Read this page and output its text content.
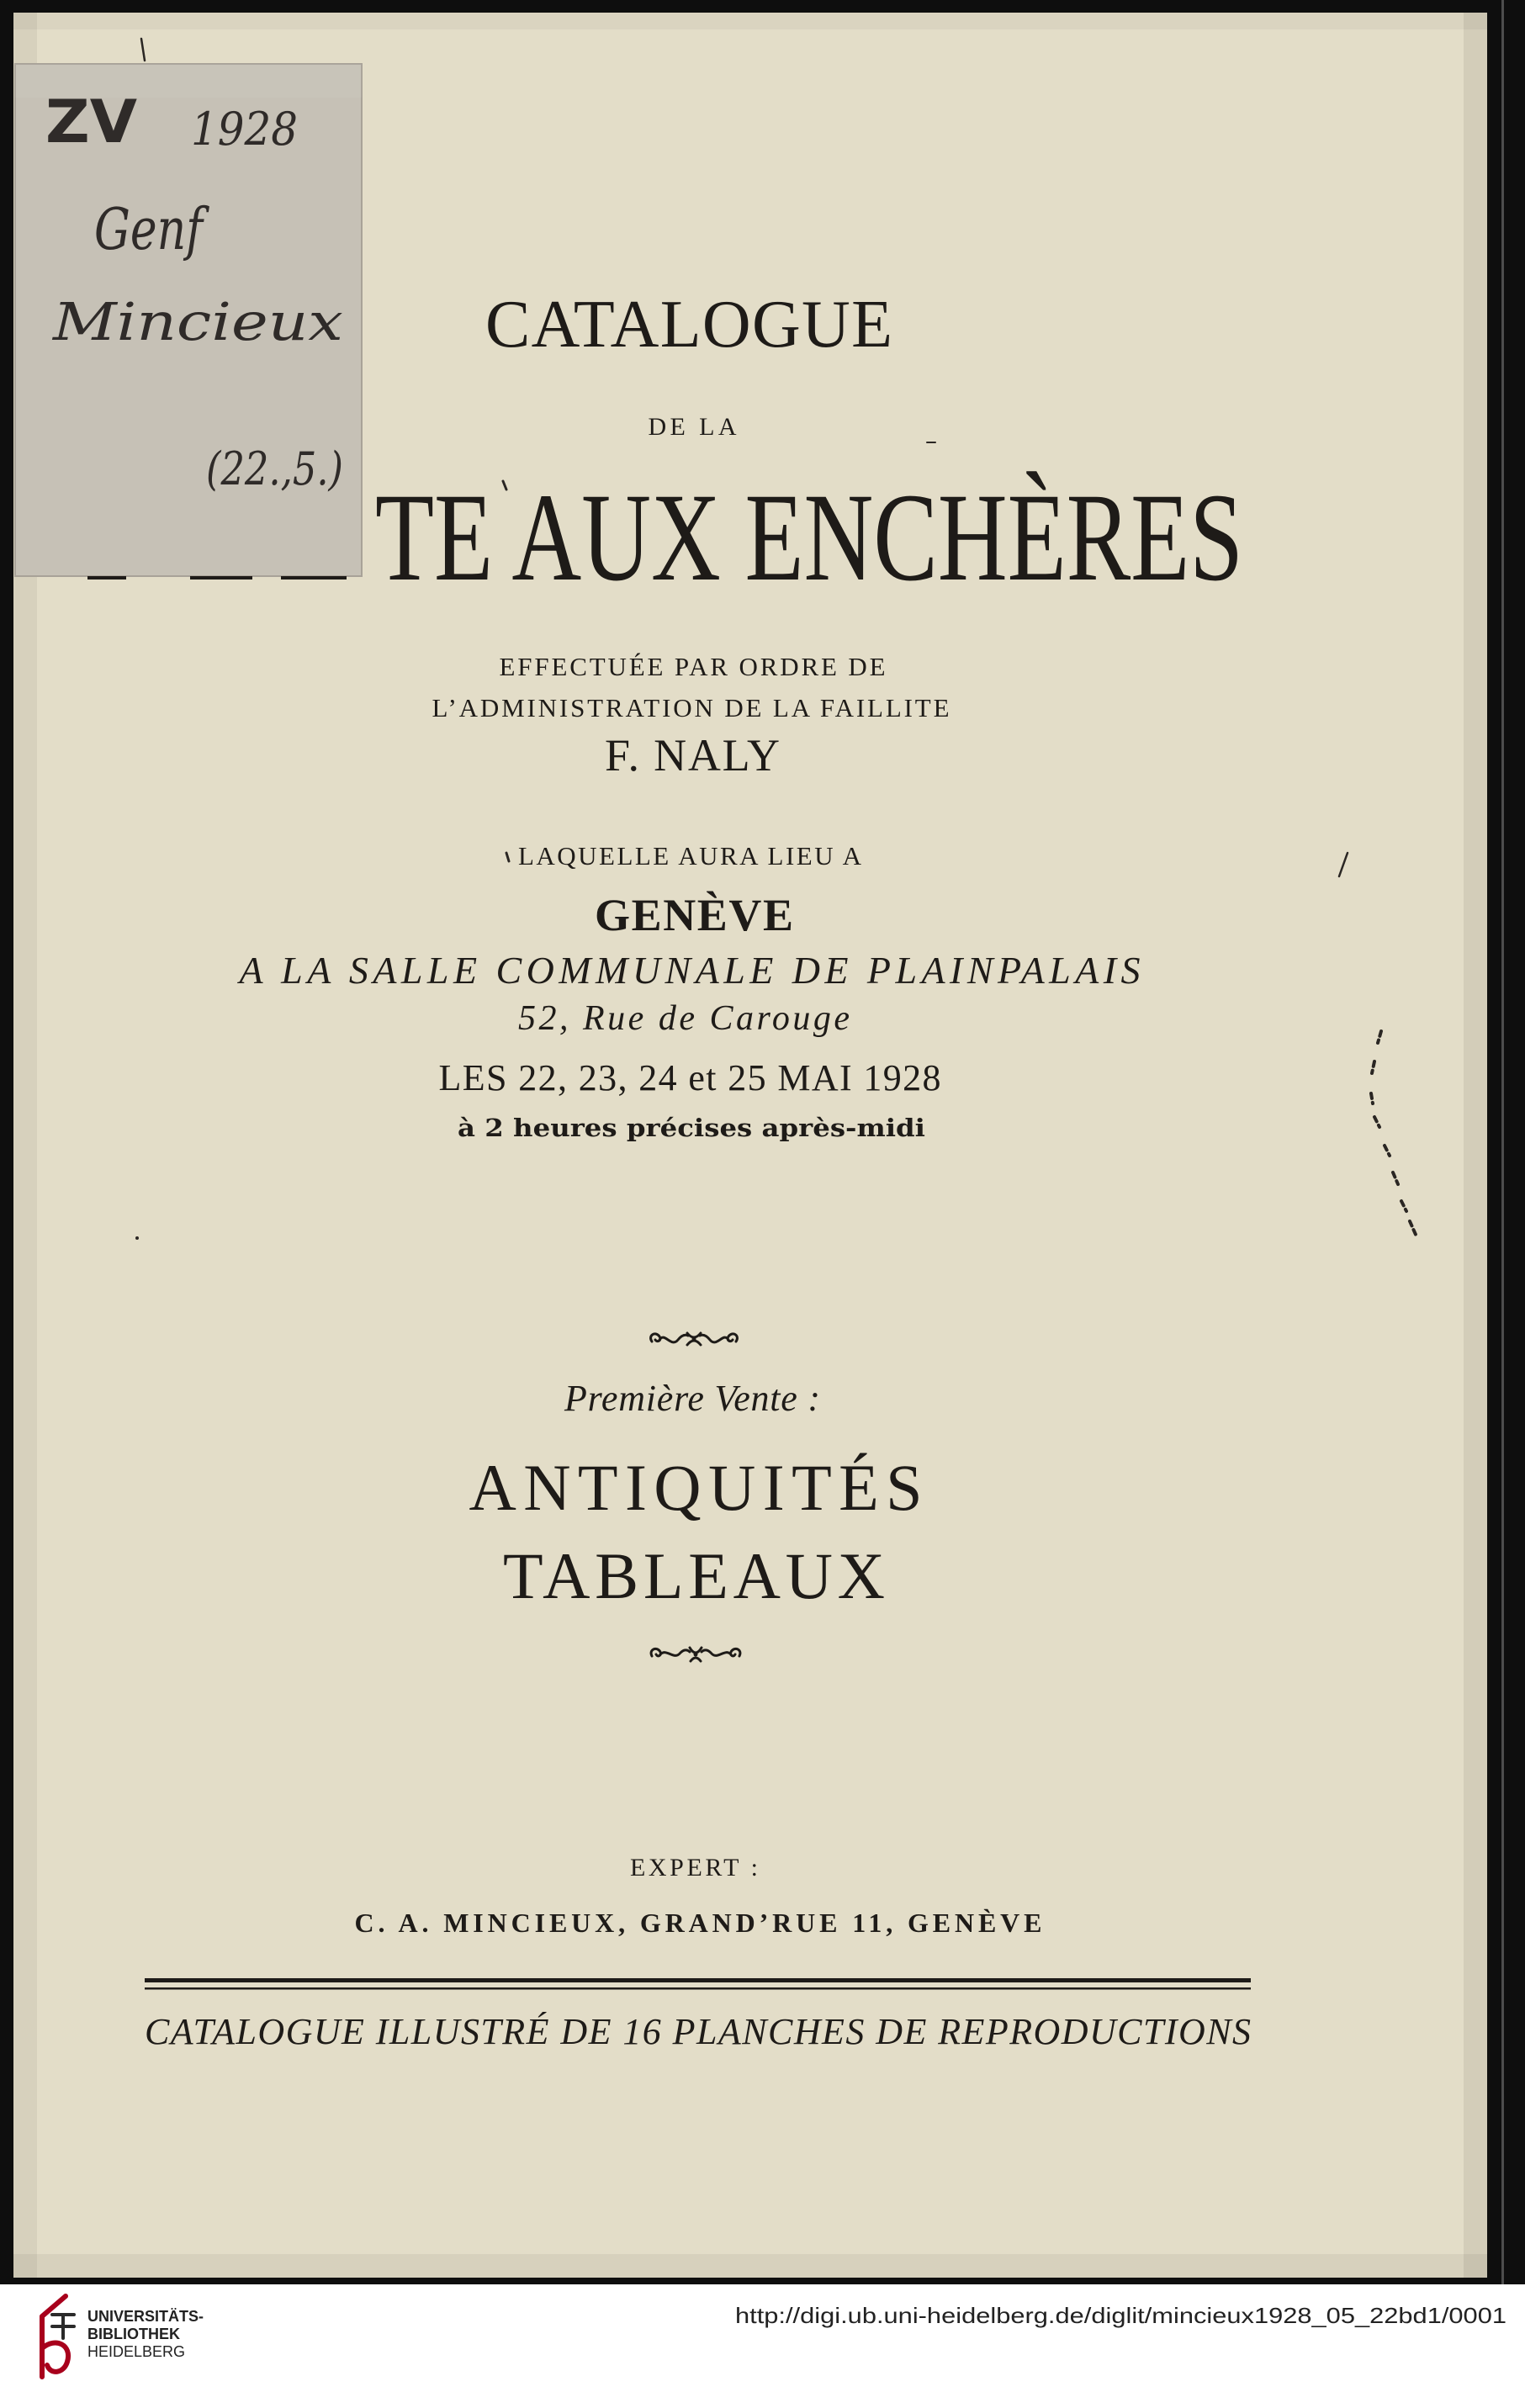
CATALOGUE
DE LA
TE AUX ENCHÈRES
EFFECTUÉE PAR ORDRE DE
L’ADMINISTRATION DE LA FAILLITE
F. NALY
LAQUELLE AURA LIEU A
GENÈVE
A LA SALLE COMMUNALE DE PLAINPALAIS
52, Rue de Carouge
LES 22, 23, 24 et 25 MAI 1928
à 2 heures précises après-midi
Première Vente :
ANTIQUITÉS
TABLEAUX
EXPERT :
C. A. MINCIEUX, GRAND’RUE 11, GENÈVE
CATALOGUE ILLUSTRÉ DE 16 PLANCHES DE REPRODUCTIONS
ZV 1928
Genf
Mincieux
(22.,5.)
UNIVERSITÄTS-
BIBLIOTHEK
HEIDELBERG
http://digi.ub.uni-heidelberg.de/diglit/mincieux1928_05_22bd1/0001
